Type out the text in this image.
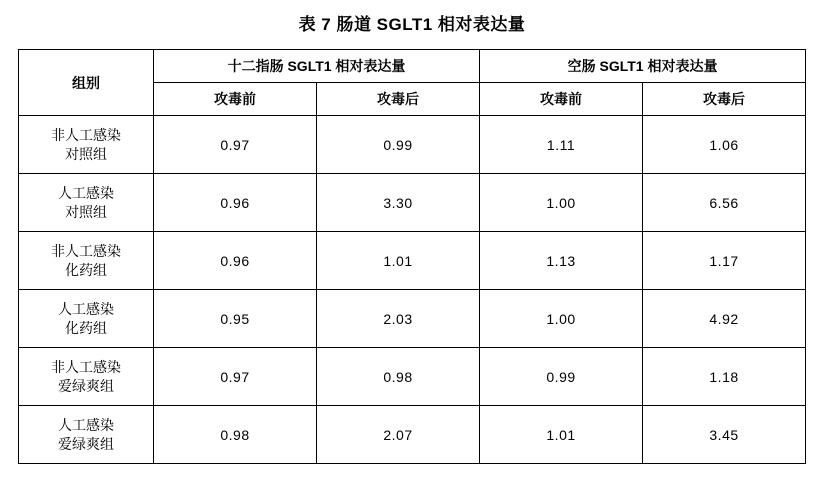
表 7 肠道 SGLT1 相对表达量
组别	十二指肠 SGLT1 相对表达量		空肠 SGLT1 相对表达量	
	攻毒前	攻毒后	攻毒前	攻毒后

非人工感染
对照组	0.97	0.99	1.11	1.06

人工感染
对照组	0.96	3.30	1.00	6.56

非人工感染
化药组	0.96	1.01	1.13	1.17

人工感染
化药组	0.95	2.03	1.00	4.92

非人工感染
爱绿爽组	0.97	0.98	0.99	1.18

人工感染
爱绿爽组	0.98	2.07	1.01	3.45
